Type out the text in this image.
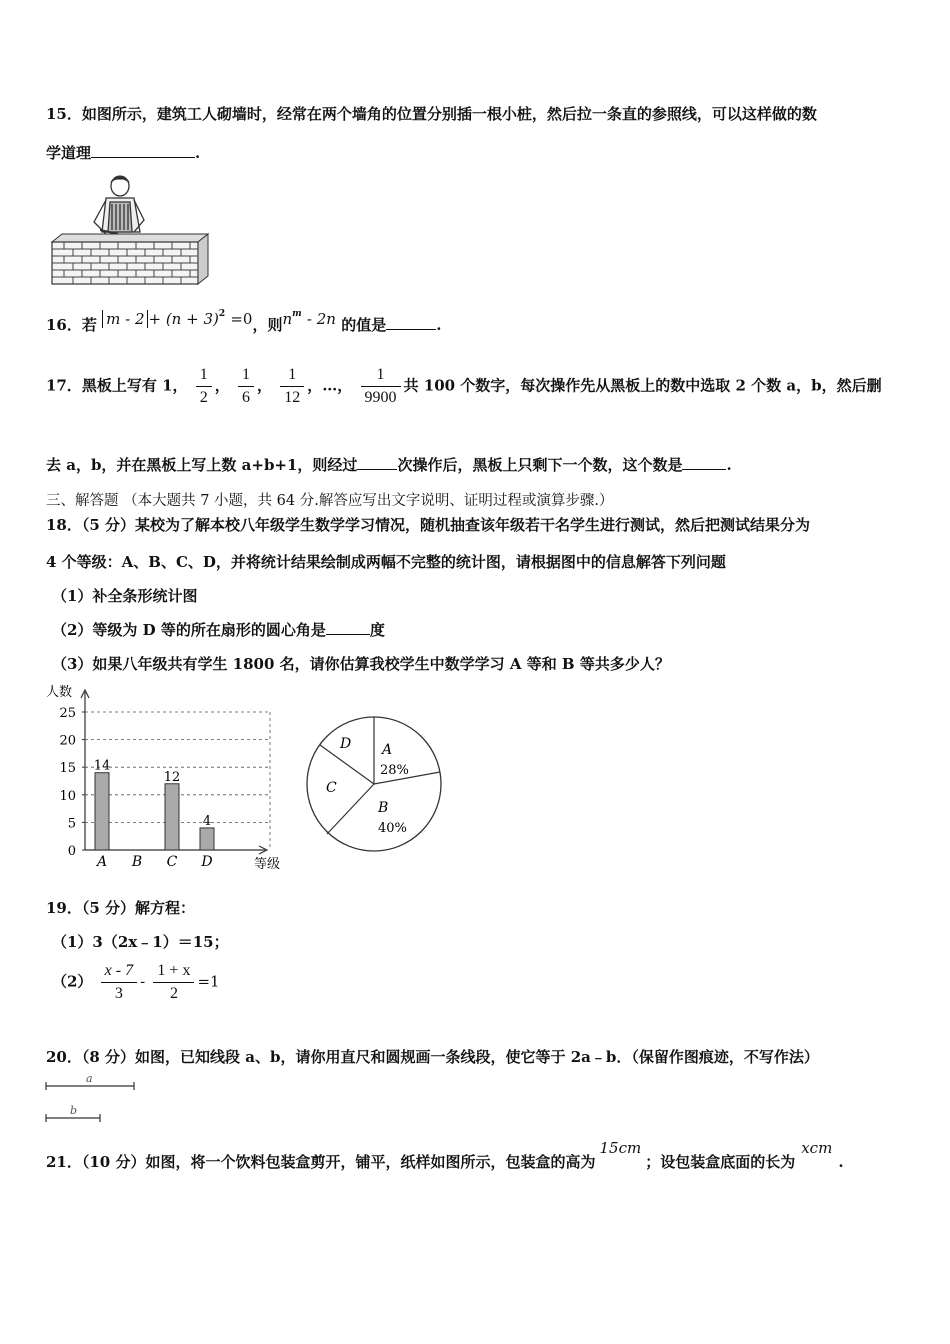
15．如图所示，建筑工人砌墙时，经常在两个墙角的位置分别插一根小桩，然后拉一条直的参照线，可以这样做的数
学道理	.
16．若 $m - 2 + (n + 3)^2 =0$，则$n^m - 2n$ 的值是	.
17．黑板上写有 1， $\frac{1}{2}$ ， $\frac{1}{6}$ ， $\frac{1}{12}$ ，…， $\frac{1}{9900}$ 共 100 个数字，每次操作先从黑板上的数中选取 2 个数 a，b，然后删
去 a，b，并在黑板上写上数 a+b+1，则经过	次操作后，黑板上只剩下一个数，这个数是	.
三、解答题 （本大题共 7 小题，共 64 分.解答应写出文字说明、证明过程或演算步骤.）
18．（5 分）某校为了解本校八年级学生数学学习情况，随机抽查该年级若干名学生进行测试，然后把测试结果分为
4 个等级：A、B、C、D，并将统计结果绘制成两幅不完整的统计图，请根据图中的信息解答下列问题
（1）补全条形统计图
（2）等级为 D 等的所在扇形的圆心角是	度
（3）如果八年级共有学生 1800 名，请你估算我校学生中数学学习 A 等和 B 等共多少人？
0
5
10
15
20
25
14
A B
12
C
4
D
人数
等级
A
28%
B
40%
C
D
19．（5 分）解方程：
（1）3（2x﹣1）＝15；
$(2) \frac{x - 7}{3} - \frac{1 + x}{2} =1$
20．（8 分）如图，已知线段 a、b，请你用直尺和圆规画一条线段，使它等于 2a﹣b．（保留作图痕迹，不写作法）
a
b
21．（10 分）如图，将一个饮料包装盒剪开，铺平，纸样如图所示，包装盒的高为15cm；设包装盒底面的长为xcm.
